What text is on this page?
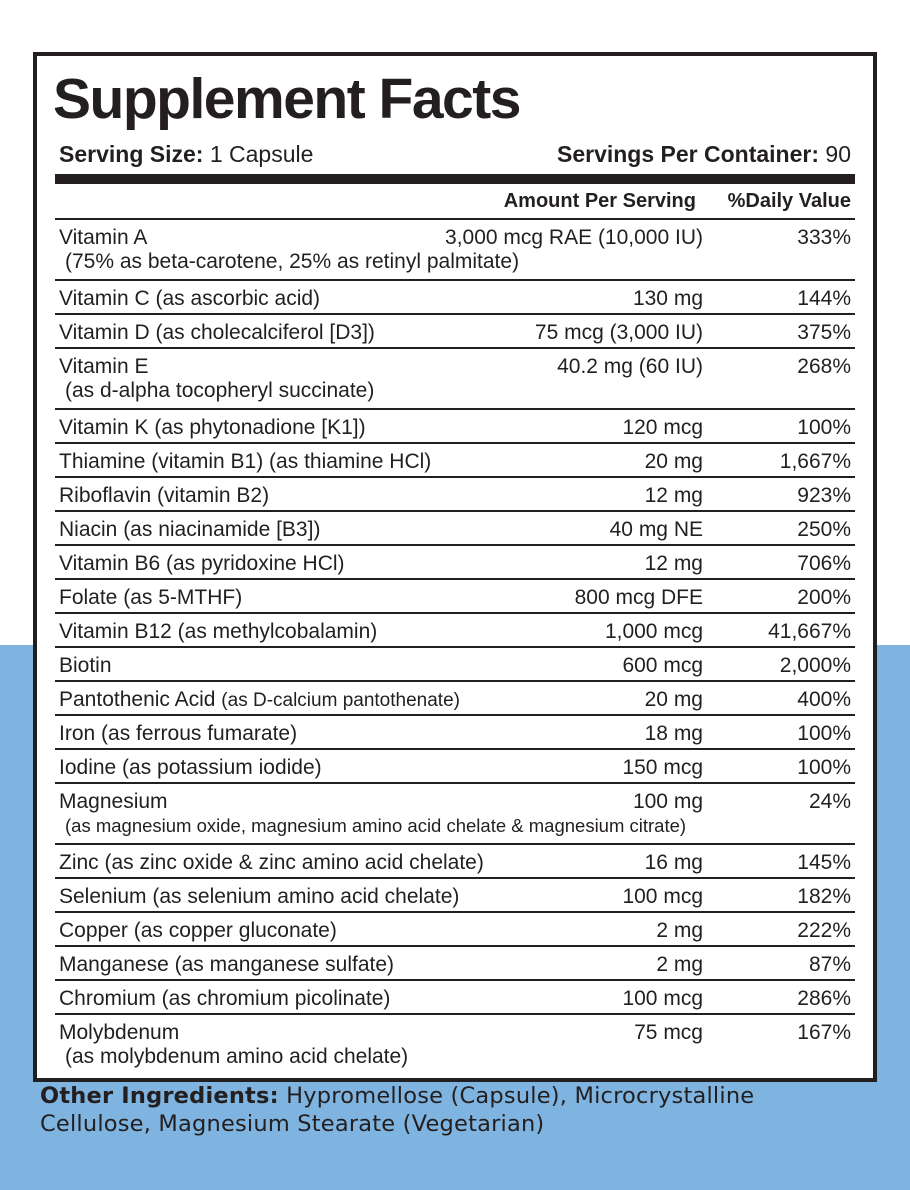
Supplement Facts
Serving Size: 1 Capsule	Servings Per Container: 90
Amount Per Serving %Daily Value
Vitamin A
(75% as beta-carotene, 25% as retinyl palmitate)
3,000 mcg RAE (10,000 IU)	333%
Vitamin C (as ascorbic acid)	130 mg	144%
Vitamin D (as cholecalciferol [D3])	75 mcg (3,000 IU)	375%
Vitamin E
(as d-alpha tocopheryl succinate)
40.2 mg (60 IU)	268%
Vitamin K (as phytonadione [K1])	120 mcg	100%
Thiamine (vitamin B1) (as thiamine HCl)	20 mg	1,667%
Riboflavin (vitamin B2)	12 mg	923%
Niacin (as niacinamide [B3])	40 mg NE	250%
Vitamin B6 (as pyridoxine HCl)	12 mg	706%
Folate (as 5-MTHF)	800 mcg DFE	200%
Vitamin B12 (as methylcobalamin)	1,000 mcg	41,667%
Biotin	600 mcg	2,000%
Pantothenic Acid (as D-calcium pantothenate)	20 mg	400%
Iron (as ferrous fumarate)	18 mg	100%
Iodine (as potassium iodide)	150 mcg	100%
Magnesium
(as magnesium oxide, magnesium amino acid chelate & magnesium citrate)
100 mg	24%
Zinc (as zinc oxide & zinc amino acid chelate)	16 mg	145%
Selenium (as selenium amino acid chelate)	100 mcg	182%
Copper (as copper gluconate)	2 mg	222%
Manganese (as manganese sulfate)	2 mg	87%
Chromium (as chromium picolinate)	100 mcg	286%
Molybdenum
(as molybdenum amino acid chelate)
75 mcg	167%
Other Ingredients: Hypromellose (Capsule), Microcrystalline Cellulose, Magnesium Stearate (Vegetarian)
